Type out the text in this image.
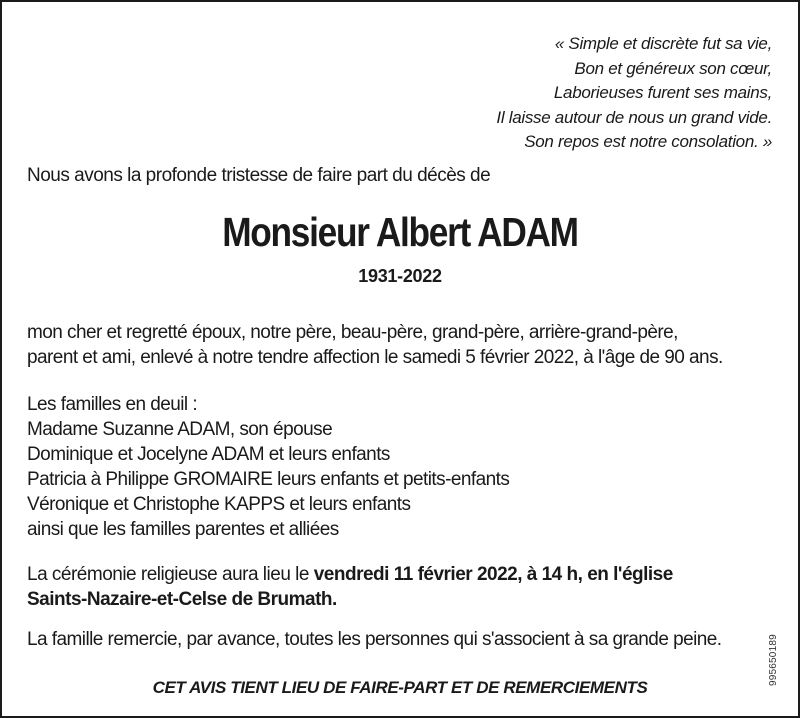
« Simple et discrète fut sa vie,
Bon et généreux son cœur,
Laborieuses furent ses mains,
Il laisse autour de nous un grand vide.
Son repos est notre consolation. »
Nous avons la profonde tristesse de faire part du décès de
Monsieur Albert ADAM
1931-2022
mon cher et regretté époux, notre père, beau-père, grand-père, arrière-grand-père,
parent et ami, enlevé à notre tendre affection le samedi 5 février 2022, à l'âge de 90 ans.
Les familles en deuil :
Madame Suzanne ADAM, son épouse
Dominique et Jocelyne ADAM et leurs enfants
Patricia à Philippe GROMAIRE leurs enfants et petits-enfants
Véronique et Christophe KAPPS et leurs enfants
ainsi que les familles parentes et alliées
La cérémonie religieuse aura lieu le vendredi 11 février 2022, à 14 h, en l'église
Saints-Nazaire-et-Celse de Brumath.
La famille remercie, par avance, toutes les personnes qui s'associent à sa grande peine.
CET AVIS TIENT LIEU DE FAIRE-PART ET DE REMERCIEMENTS
995650189
